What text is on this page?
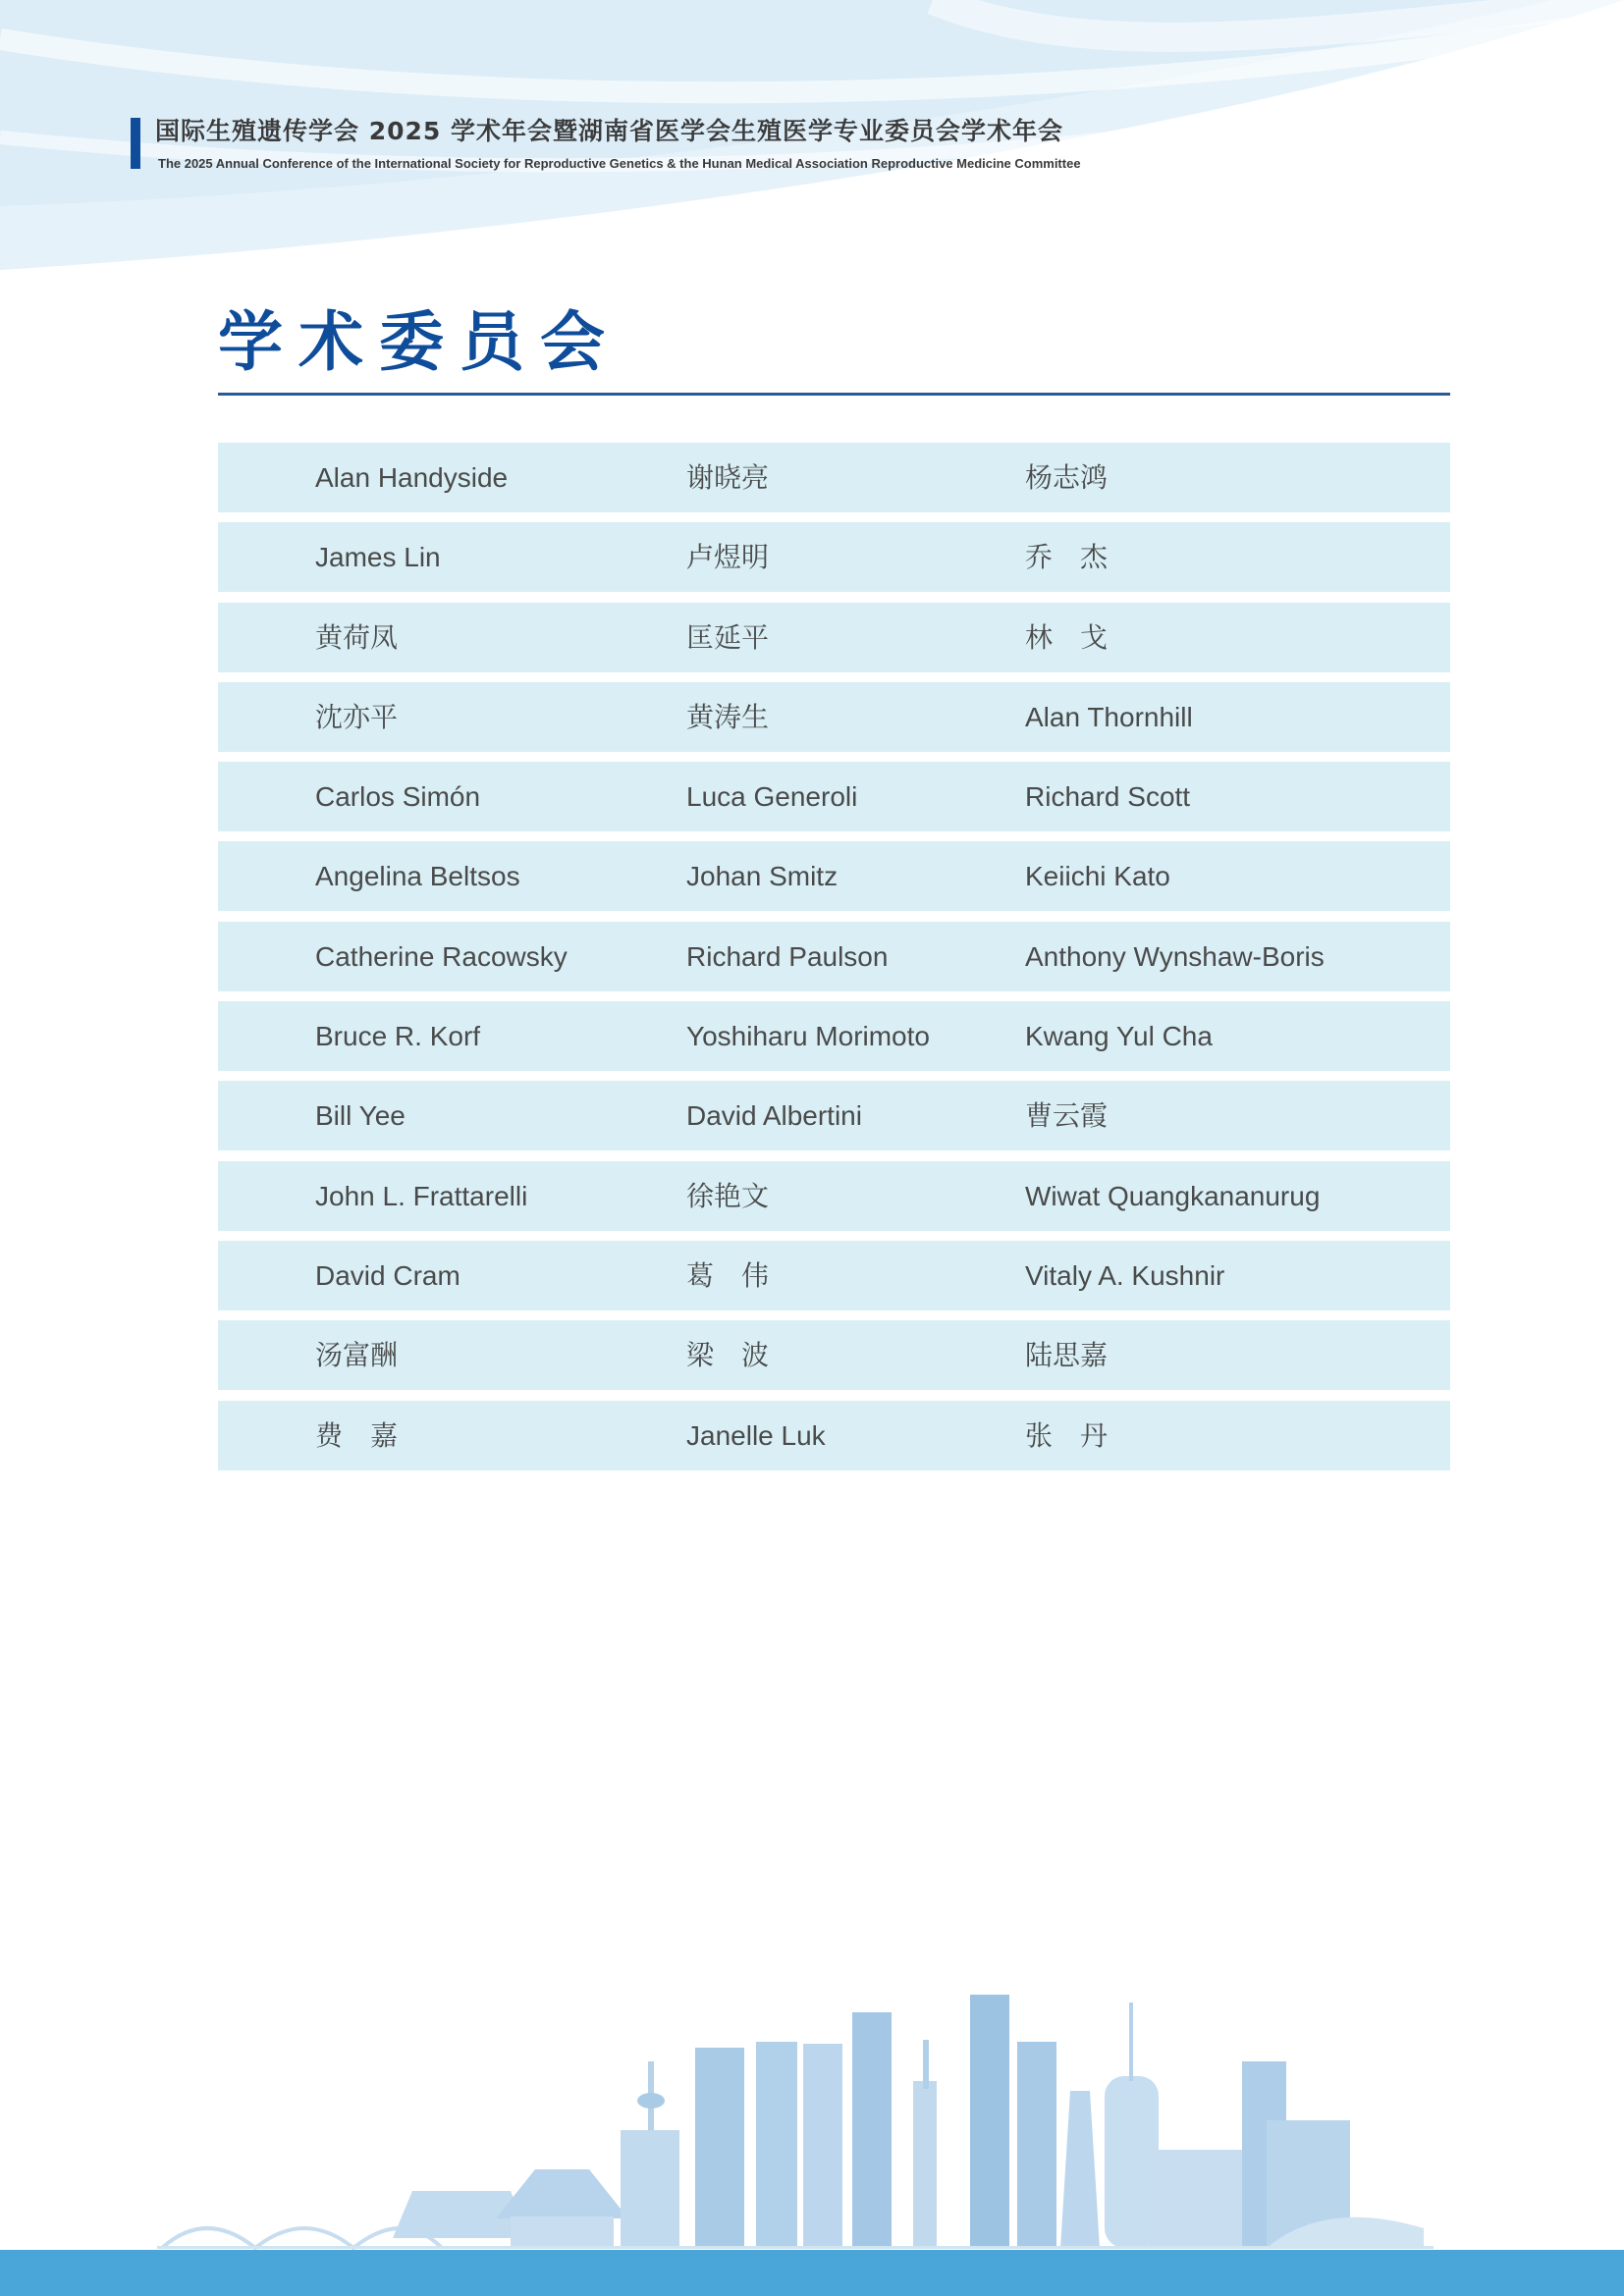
国际生殖遗传学会 2025 学术年会暨湖南省医学会生殖医学专业委员会学术年会

The 2025 Annual Conference of the International Society for Reproductive Genetics & the Hunan Medical Association Reproductive Medicine Committee

学术委员会
Alan Handyside	谢晓亮	杨志鸿
James Lin	卢煜明	乔　杰
黄荷凤	匡延平	林　戈
沈亦平	黄涛生	Alan Thornhill
Carlos Simón	Luca Generoli	Richard Scott
Angelina Beltsos	Johan Smitz	Keiichi Kato
Catherine Racowsky	Richard Paulson	Anthony Wynshaw-Boris
Bruce R. Korf	Yoshiharu Morimoto	Kwang Yul Cha
Bill Yee	David Albertini	曹云霞
John L. Frattarelli	徐艳文	Wiwat Quangkananurug
David Cram	葛　伟	Vitaly A. Kushnir
汤富酬	梁　波	陆思嘉
费　嘉	Janelle Luk	张　丹
